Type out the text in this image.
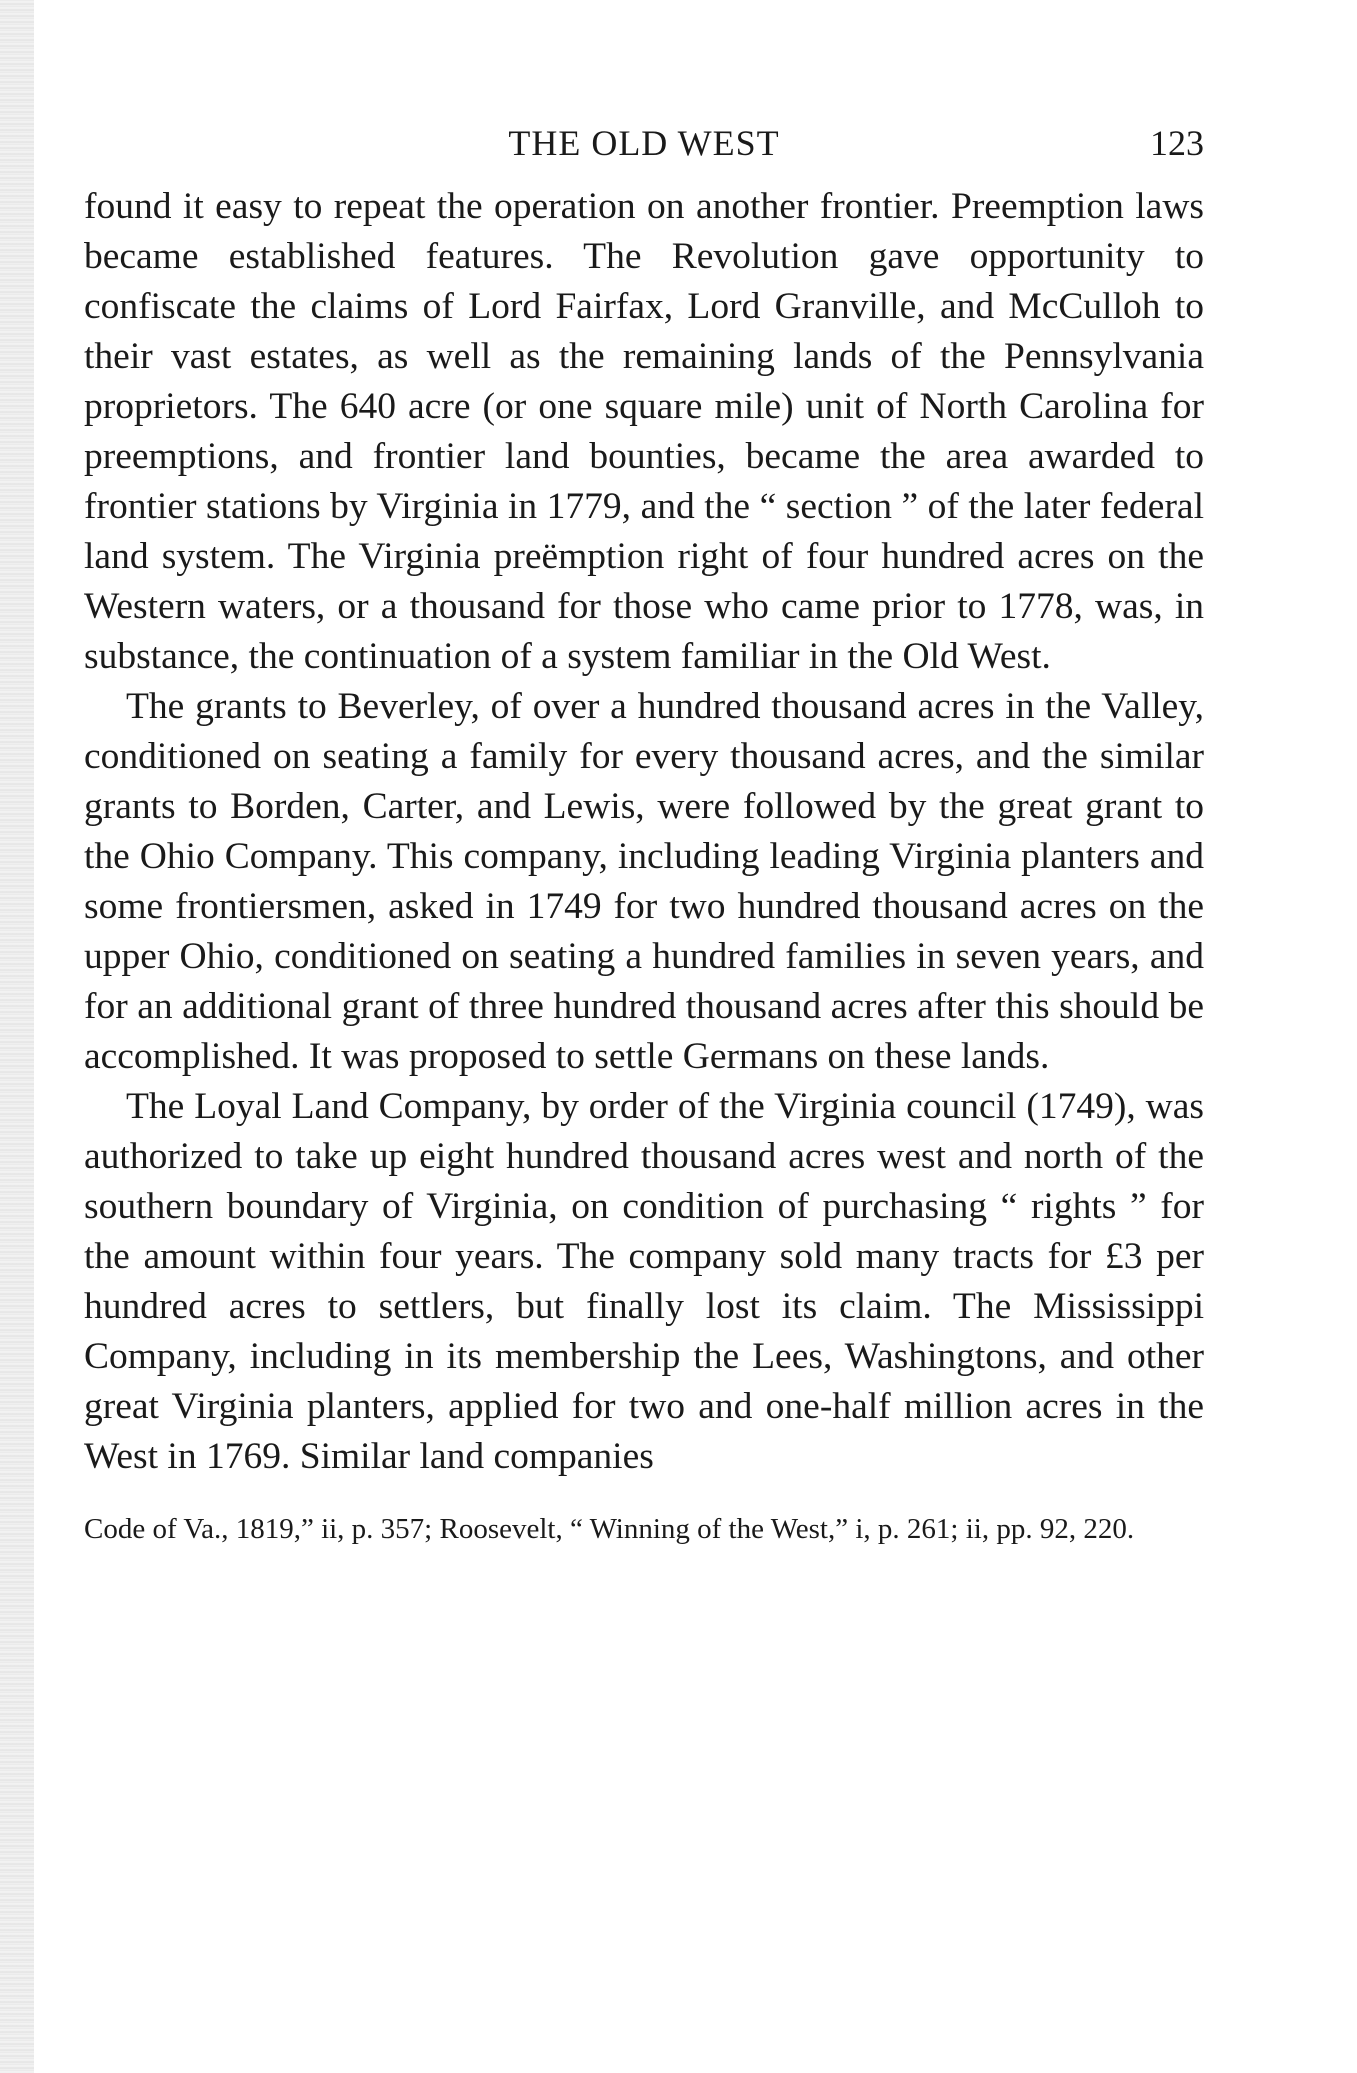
THE OLD WEST	123

found it easy to repeat the operation on another frontier. Preemption laws became established features. The Revolution gave opportunity to confiscate the claims of Lord Fairfax, Lord Granville, and McCulloh to their vast estates, as well as the remaining lands of the Pennsylvania proprietors. The 640 acre (or one square mile) unit of North Carolina for preemptions, and frontier land bounties, became the area awarded to frontier stations by Virginia in 1779, and the “ section ” of the later federal land system. The Virginia preëmption right of four hundred acres on the Western waters, or a thousand for those who came prior to 1778, was, in substance, the continuation of a system familiar in the Old West.

The grants to Beverley, of over a hundred thousand acres in the Valley, conditioned on seating a family for every thousand acres, and the similar grants to Borden, Carter, and Lewis, were followed by the great grant to the Ohio Company. This company, including leading Virginia planters and some frontiersmen, asked in 1749 for two hundred thousand acres on the upper Ohio, conditioned on seating a hundred families in seven years, and for an additional grant of three hundred thousand acres after this should be accomplished. It was proposed to settle Germans on these lands.

The Loyal Land Company, by order of the Virginia council (1749), was authorized to take up eight hundred thousand acres west and north of the southern boundary of Virginia, on condition of purchasing “ rights ” for the amount within four years. The company sold many tracts for £3 per hundred acres to settlers, but finally lost its claim. The Mississippi Company, including in its membership the Lees, Washingtons, and other great Virginia planters, applied for two and one-half million acres in the West in 1769. Similar land companies

Code of Va., 1819,” ii, p. 357; Roosevelt, “ Winning of the West,” i, p. 261; ii, pp. 92, 220.
